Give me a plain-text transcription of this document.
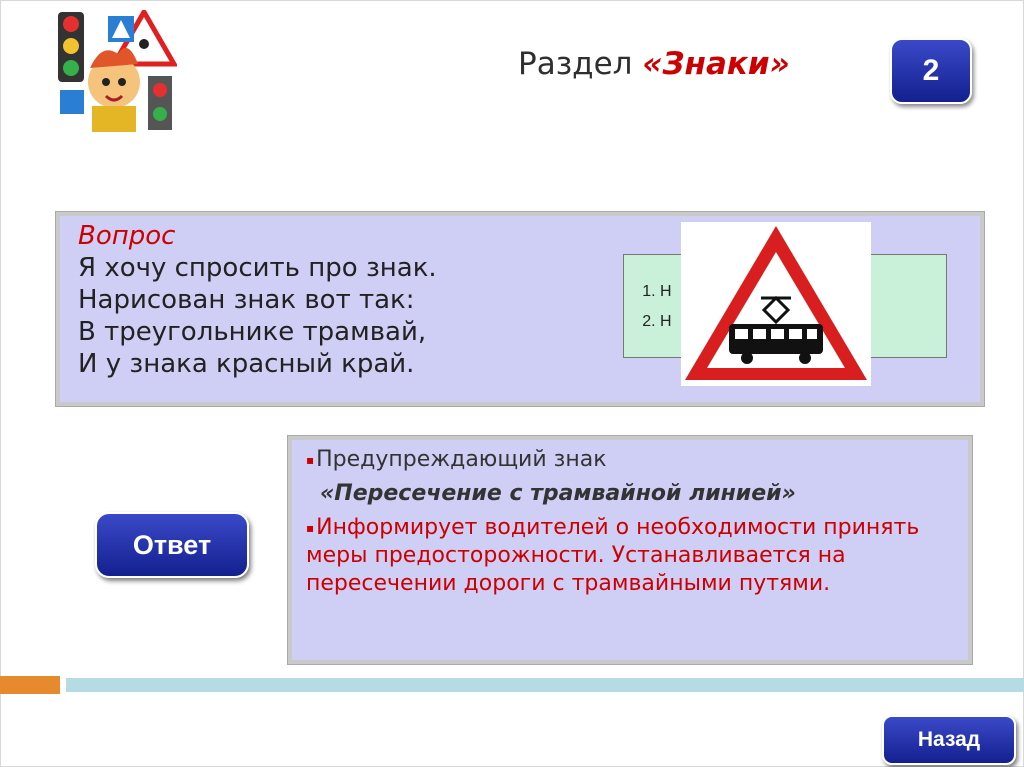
Раздел «Знаки»	2
Вопрос
Я хочу спросить про знак.
Нарисован знак вот так:
В треугольнике трамвай,
И у знака красный край.
1. Н
2. Н
Ответ
▪Предупреждающий знак
«Пересечение с трамвайной линией»
▪Информирует водителей о необходимости принять меры предосторожности. Устанавливается на пересечении дороги с трамвайными путями.
Назад
